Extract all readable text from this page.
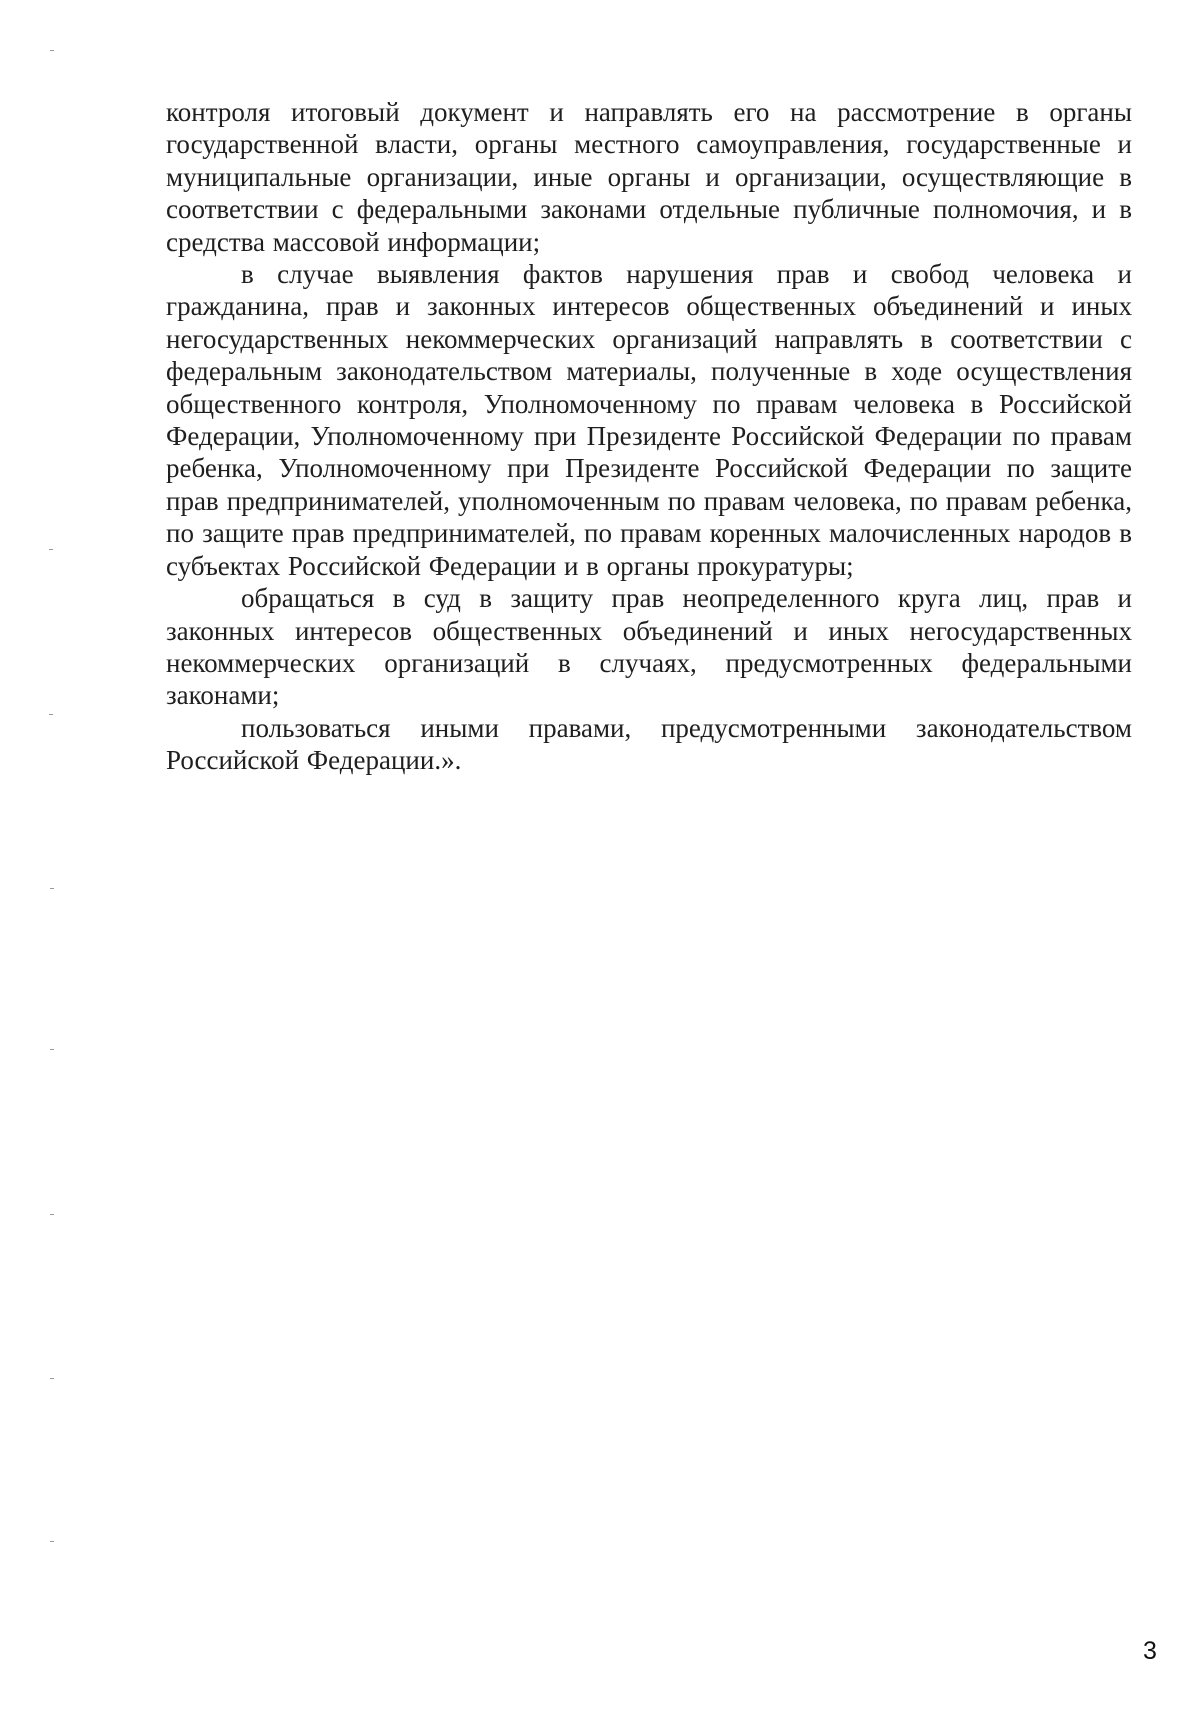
контроля итоговый документ и направлять его на рассмотрение в органы государственной власти, органы местного самоуправления, государственные и муниципальные организации, иные органы и организации, осуществляющие в соответствии с федеральными законами отдельные публичные полномочия, и в средства массовой информации;

в случае выявления фактов нарушения прав и свобод человека и гражданина, прав и законных интересов общественных объединений и иных негосударственных некоммерческих организаций направлять в соответствии с федеральным законодательством материалы, полученные в ходе осуществления общественного контроля, Уполномоченному по правам человека в Российской Федерации, Уполномоченному при Президенте Российской Федерации по правам ребенка, Уполномоченному при Президенте Российской Федерации по защите прав предпринимателей, уполномоченным по правам человека, по правам ребенка, по защите прав предпринимателей, по правам коренных малочисленных народов в субъектах Российской Федерации и в органы прокуратуры;

обращаться в суд в защиту прав неопределенного круга лиц, прав и законных интересов общественных объединений и иных негосударственных некоммерческих организаций в случаях, предусмотренных федеральными законами;

пользоваться иными правами, предусмотренными законодательством Российской Федерации.».

3
